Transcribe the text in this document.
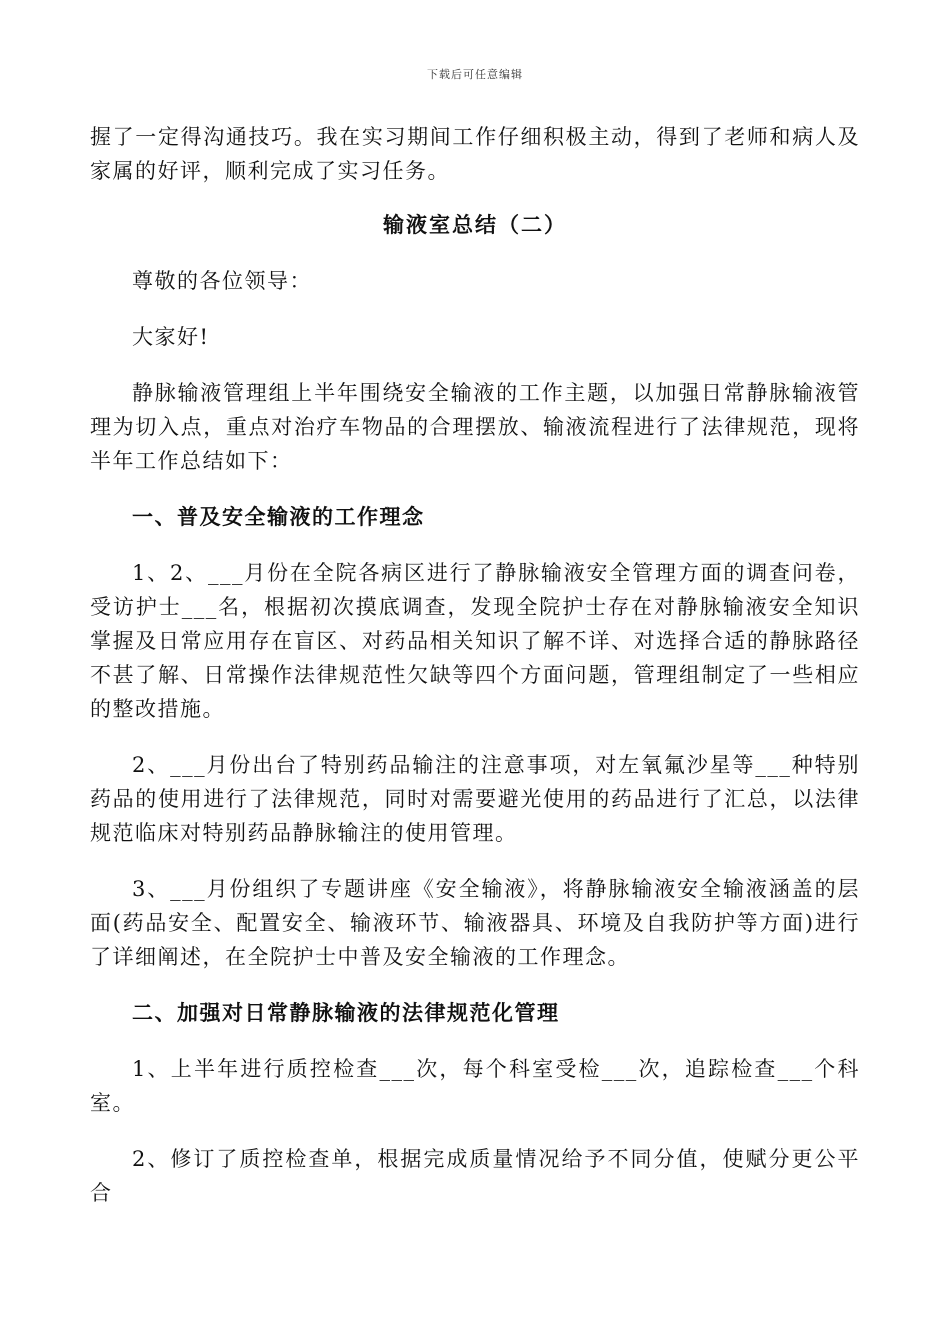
下载后可任意编辑

握了一定得沟通技巧。我在实习期间工作仔细积极主动，得到了老师和病人及家属的好评，顺利完成了实习任务。

输液室总结（二）

尊敬的各位领导：

大家好!

静脉输液管理组上半年围绕安全输液的工作主题，以加强日常静脉输液管理为切入点，重点对治疗车物品的合理摆放、输液流程进行了法律规范，现将半年工作总结如下：

一、普及安全输液的工作理念

1、2、___月份在全院各病区进行了静脉输液安全管理方面的调查问卷，受访护士___名，根据初次摸底调查，发现全院护士存在对静脉输液安全知识掌握及日常应用存在盲区、对药品相关知识了解不详、对选择合适的静脉路径不甚了解、日常操作法律规范性欠缺等四个方面问题，管理组制定了一些相应的整改措施。

2、___月份出台了特别药品输注的注意事项，对左氧氟沙星等___种特别药品的使用进行了法律规范，同时对需要避光使用的药品进行了汇总，以法律规范临床对特别药品静脉输注的使用管理。

3、___月份组织了专题讲座《安全输液》，将静脉输液安全输液涵盖的层面(药品安全、配置安全、输液环节、输液器具、环境及自我防护等方面)进行了详细阐述，在全院护士中普及安全输液的工作理念。

二、加强对日常静脉输液的法律规范化管理

1、上半年进行质控检查___次，每个科室受检___次，追踪检查___个科室。

2、修订了质控检查单，根据完成质量情况给予不同分值，使赋分更公平合
